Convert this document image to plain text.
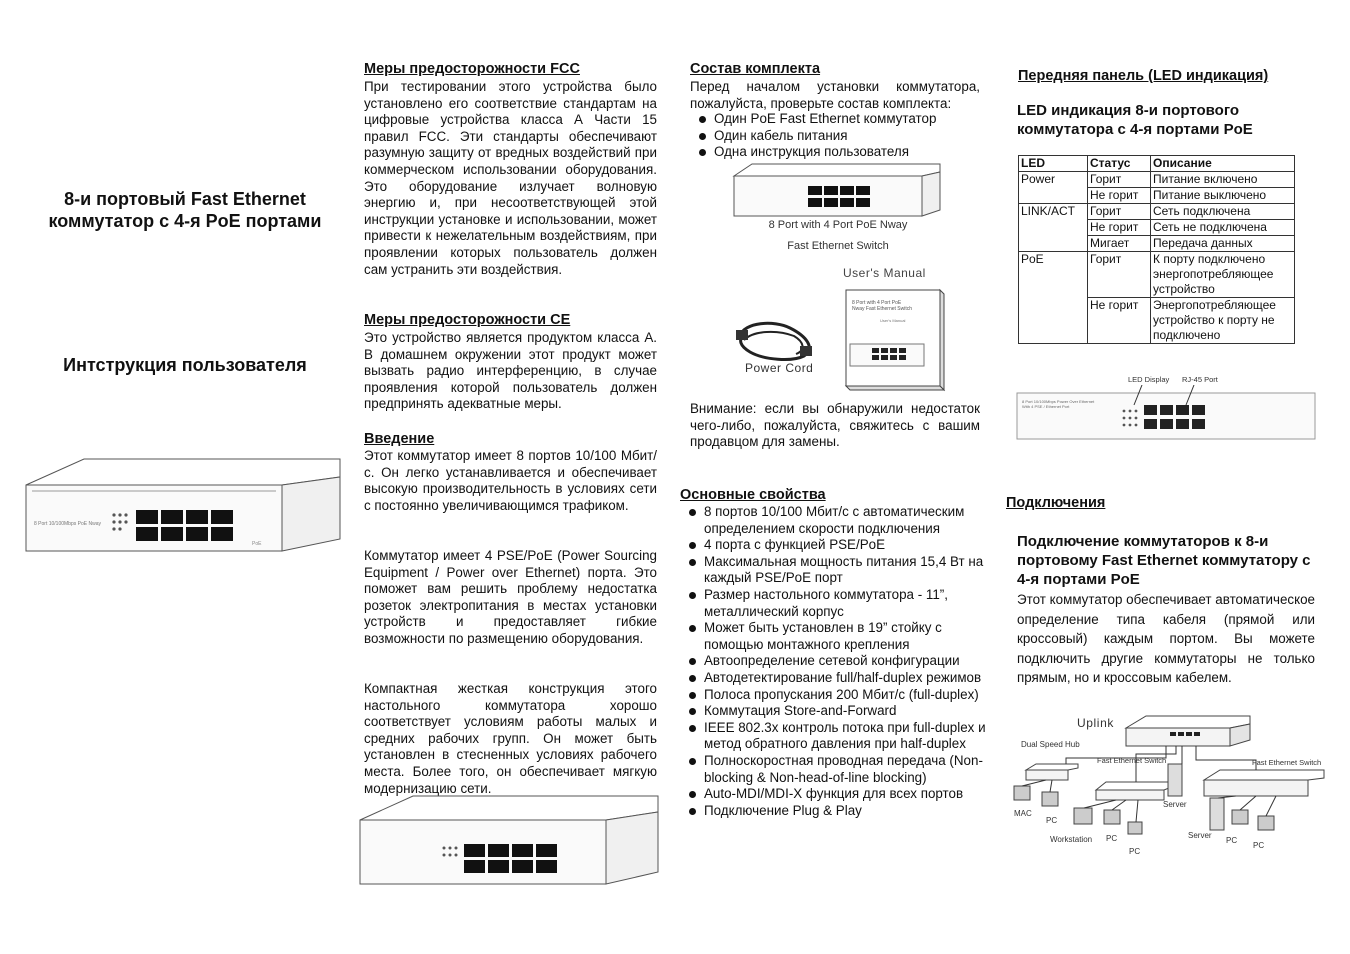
8-и портовый Fast Ethernet коммутатор с 4-я PoE портами
Интструкция пользователя
8 Port 10/100Mbps PoE Nway
PoE
Меры предосторожности FCC
При тестировании этого устройства было установлено его соответствие стандартам на цифровые устройства класса А Части 15 правил FCC. Эти стандарты обеспечивают разумную защиту от вредных воздействий при коммерческом использовании оборудования. Это оборудование излучает волновую энергию и, при несоответствующей этой инструкции установке и использовании, может привести к нежелательным воздействиям, при проявлении которых пользователь должен сам устранить эти воздействия.
Меры предосторожности CE
Это устройство является продуктом класса А. В домашнем окружении этот продукт может вызвать радио интерференцию, в случае проявления которой пользователь должен предпринять адекватные меры.
Введение
Этот коммутатор имеет 8 портов 10/100 Мбит/с. Он легко устанавливается и обеспечивает высокую производительность в условиях сети с постоянно увеличивающимся трафиком.
Коммутатор имеет 4 PSE/PoE (Power Sourcing Equipment / Power over Ethernet) порта. Это поможет вам решить проблему недостатка розеток электропитания в местах установки устройств и предоставляет гибкие возможности по размещению оборудования.
Компактная жесткая конструкция этого настольного коммутатора хорошо соответствует условиям работы малых и средних рабочих групп. Он может быть установлен в стесненных условиях рабочего места. Более того, он обеспечивает мягкую модернизацию сети.
Состав комплекта
Перед началом установки коммутатора, пожалуйста, проверьте состав комплекта:
Один PoE Fast Ethernet коммутатор
Один кабель питания
Одна инструкция пользователя
8 Port with 4 Port PoE Nway
Fast Ethernet Switch
User's Manual
8 Port with 4 Port PoE
Nway Fast Ethernet Switch
User's Manual
Power Cord
Внимание: если вы обнаружили недостаток чего-либо, пожалуйста, свяжитесь с вашим продавцом для замены.
Основные свойства
8 портов 10/100 Мбит/с с автоматическим определением скорости подключения
4 порта с функцией PSE/PoE
Максимальная мощность питания 15,4 Вт на каждый PSE/PoE порт
Размер настольного коммутатора - 11”, металлический корпус
Может быть установлен в 19” стойку с помощью монтажного крепления
Автоопределение сетевой конфигурации
Автодетектирование full/half-duplex режимов
Полоса пропускания 200 Мбит/с (full-duplex)
Коммутация Store-and-Forward
IEEE 802.3x контроль потока при full-duplex и метод обратного давления при half-duplex
Полноскоростная проводная передача (Non-blocking & Non-head-of-line blocking)
Auto-MDI/MDI-X функция для всех портов
Подключение Plug & Play
Передняя панель (LED индикация)
LED индикация 8-и портового коммутатора с 4-я портами PoE
LED	Статус	Описание
Power	Горит	Питание включено
	Не горит	Питание выключено
LINK/ACT	Горит	Сеть подключена
	Не горит	Сеть не подключена
	Мигает	Передача данных
PoE	Горит	К порту подключено энергопотребляющее устройство
	Не горит	Энергопотребляющее устройство к порту не подключено
LED Display RJ-45 Port
8 Port 10/100Mbps Power Over Ethernet
With 4 PSE / Ethernet Port
Подключения
Подключение коммутаторов к 8-и портовому Fast Ethernet коммутатору с 4-я портами PoE
Этот коммутатор обеспечивает автоматическое определение типа кабеля (прямой или кроссовый) каждым портом. Вы можете подключить другие коммутаторы не только прямым, но и кроссовым кабелем.
Uplink
Dual Speed Hub
Fast Ethernet Switch	Fast Ethernet Switch
Server
Server
MAC
PC
Workstation PC
PC
PC
PC
